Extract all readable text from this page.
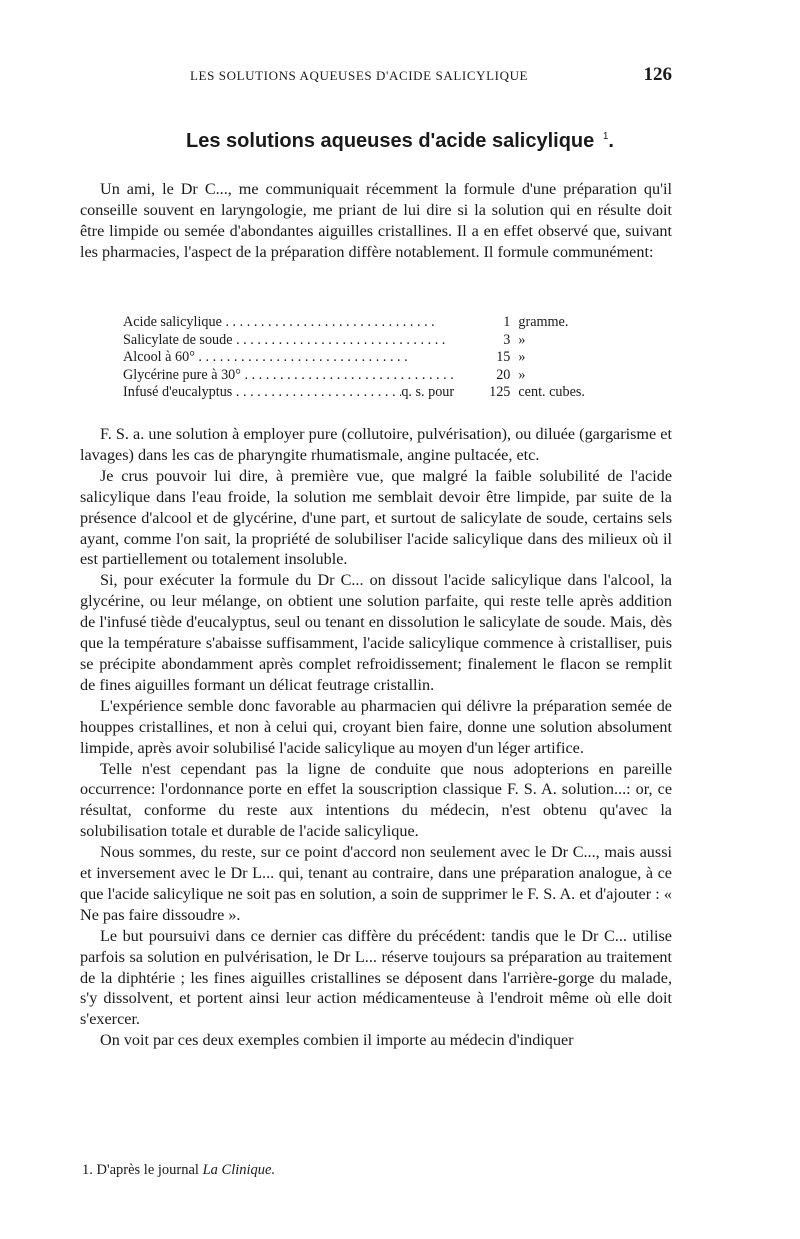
LES SOLUTIONS AQUEUSES D'ACIDE SALICYLIQUE	126
Les solutions aqueuses d'acide salicylique $^1$.

Un ami, le Dr C..., me communiquait récemment la formule d'une préparation qu'il conseille souvent en laryngologie, me priant de lui dire si la solution qui en résulte doit être limpide ou semée d'abondantes aiguilles cristallines. Il a en effet observé que, suivant les pharmacies, l'aspect de la préparation diffère notablement. Il formule communément:

Acide salicylique . . .	1 gramme.
Salicylate de soude . . .	3 »
Alcool à 60° . . .	15 »
Glycérine pure à 30° . . .	20 »
Infusé d'eucalyptus . . .	q. s. pour	125 cent. cubes.

F. S. a. une solution à employer pure (collutoire, pulvérisation), ou diluée (gargarisme et lavages) dans les cas de pharyngite rhumatismale, angine pultacée, etc.

Je crus pouvoir lui dire, à première vue, que malgré la faible solubilité de l'acide salicylique dans l'eau froide, la solution me semblait devoir être limpide, par suite de la présence d'alcool et de glycérine, d'une part, et surtout de salicylate de soude, certains sels ayant, comme l'on sait, la propriété de solubiliser l'acide salicylique dans des milieux où il est partiellement ou totalement insoluble.

Si, pour exécuter la formule du Dr C... on dissout l'acide salicylique dans l'alcool, la glycérine, ou leur mélange, on obtient une solution parfaite, qui reste telle après addition de l'infusé tiède d'eucalyptus, seul ou tenant en dissolution le salicylate de soude. Mais, dès que la température s'abaisse suffisamment, l'acide salicylique commence à cristalliser, puis se précipite abondamment après complet refroidissement; finalement le flacon se remplit de fines aiguilles formant un délicat feutrage cristallin.

L'expérience semble donc favorable au pharmacien qui délivre la préparation semée de houppes cristallines, et non à celui qui, croyant bien faire, donne une solution absolument limpide, après avoir solubilisé l'acide salicylique au moyen d'un léger artifice.

Telle n'est cependant pas la ligne de conduite que nous adopterions en pareille occurrence: l'ordonnance porte en effet la souscription classique F. S. A. solution...: or, ce résultat, conforme du reste aux intentions du médecin, n'est obtenu qu'avec la solubilisation totale et durable de l'acide salicylique.

Nous sommes, du reste, sur ce point d'accord non seulement avec le Dr C..., mais aussi et inversement avec le Dr L... qui, tenant au contraire, dans une préparation analogue, à ce que l'acide salicylique ne soit pas en solution, a soin de supprimer le F. S. A. et d'ajouter : « Ne pas faire dissoudre ».

Le but poursuivi dans ce dernier cas diffère du précédent: tandis que le Dr C... utilise parfois sa solution en pulvérisation, le Dr L... réserve toujours sa préparation au traitement de la diphtérie ; les fines aiguilles cristallines se déposent dans l'arrière-gorge du malade, s'y dissolvent, et portent ainsi leur action médicamenteuse à l'endroit même où elle doit s'exercer.

On voit par ces deux exemples combien il importe au médecin d'indiquer

1. D'après le journal La Clinique.
